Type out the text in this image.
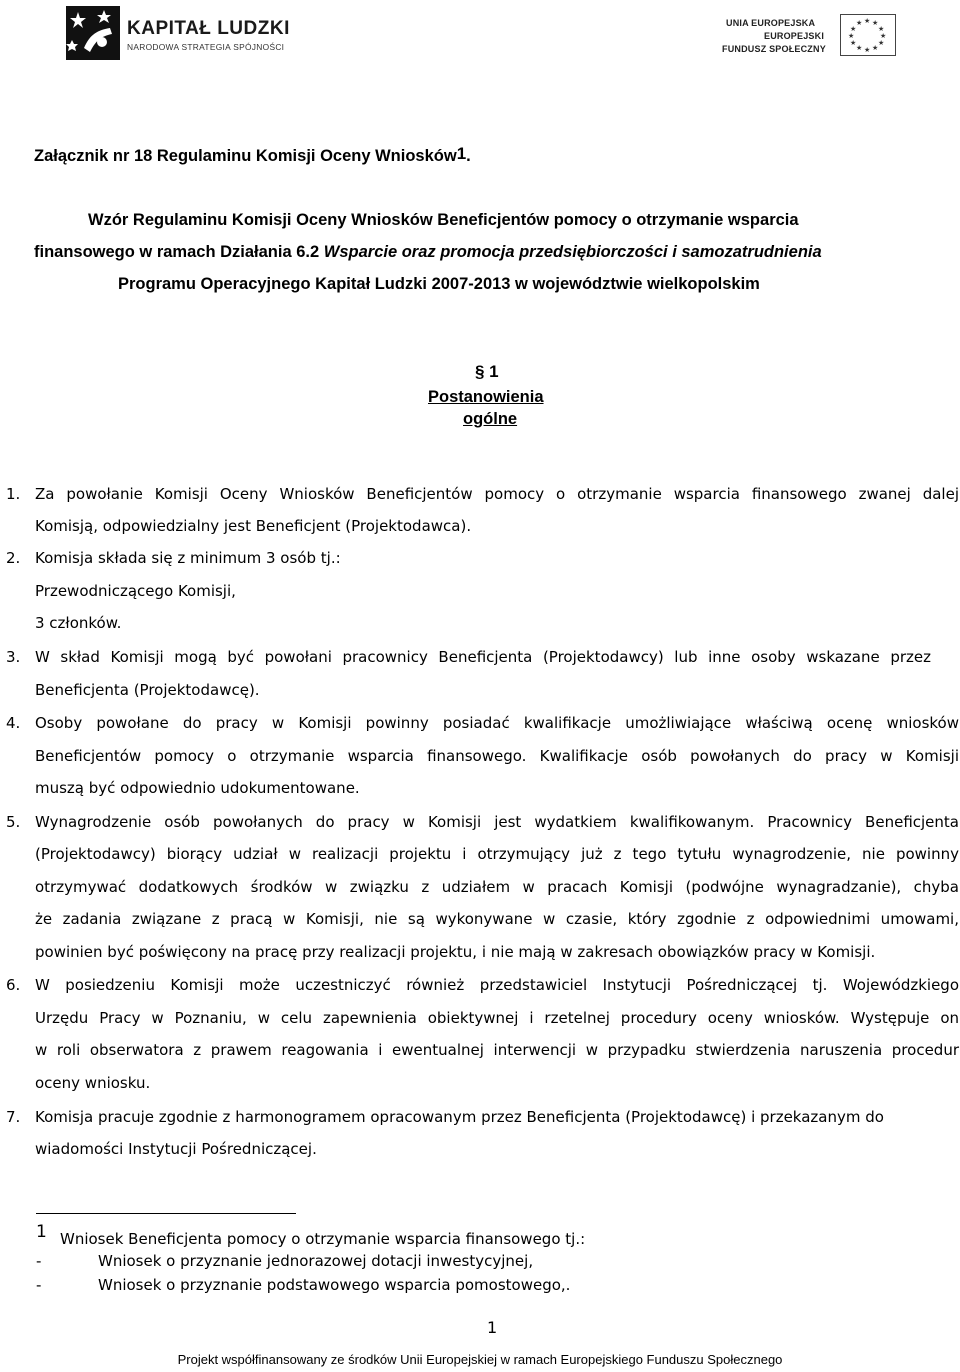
KAPITAŁ LUDZKI
NARODOWA STRATEGIA SPÓJNOŚCI
UNIA EUROPEJSKA
EUROPEJSKI
FUNDUSZ SPOŁECZNY
★ ★
★
★
★
★
★
★
★
★
★
★
Załącznik nr 18 Regulaminu Komisji Oceny Wniosków$^1$.
Wzór Regulaminu Komisji Oceny Wniosków Beneficjentów pomocy o otrzymanie wsparcia
finansowego w ramach Działania 6.2 Wsparcie oraz promocja przedsiębiorczości i samozatrudnienia
Programu Operacyjnego Kapitał Ludzki 2007-2013 w województwie wielkopolskim
§ 1
Postanowienia
ogólne
1. Za powołanie Komisji Oceny Wniosków Beneficjentów pomocy o otrzymanie wsparcia finansowego zwanej dalej
Komisją, odpowiedzialny jest Beneficjent (Projektodawca).
2. Komisja składa się z minimum 3 osób tj.:
Przewodniczącego Komisji,
3 członków.
3. W skład Komisji mogą być powołani pracownicy Beneficjenta (Projektodawcy) lub inne osoby wskazane przez
Beneficjenta (Projektodawcę).
4. Osoby powołane do pracy w Komisji powinny posiadać kwalifikacje umożliwiające właściwą ocenę wniosków
Beneficjentów pomocy o otrzymanie wsparcia finansowego. Kwalifikacje osób powołanych do pracy w Komisji
muszą być odpowiednio udokumentowane.
5. Wynagrodzenie osób powołanych do pracy w Komisji jest wydatkiem kwalifikowanym. Pracownicy Beneficjenta
(Projektodawcy) biorący udział w realizacji projektu i otrzymujący już z tego tytułu wynagrodzenie, nie powinny
otrzymywać dodatkowych środków w związku z udziałem w pracach Komisji (podwójne wynagradzanie), chyba
że zadania związane z pracą w Komisji, nie są wykonywane w czasie, który zgodnie z odpowiednimi umowami,
powinien być poświęcony na pracę przy realizacji projektu, i nie mają w zakresach obowiązków pracy w Komisji.
6. W posiedzeniu Komisji może uczestniczyć również przedstawiciel Instytucji Pośredniczącej tj. Wojewódzkiego
Urzędu Pracy w Poznaniu, w celu zapewnienia obiektywnej i rzetelnej procedury oceny wniosków. Występuje on
w roli obserwatora z prawem reagowania i ewentualnej interwencji w przypadku stwierdzenia naruszenia procedur
oceny wniosku.
7. Komisja pracuje zgodnie z harmonogramem opracowanym przez Beneficjenta (Projektodawcę) i przekazanym do
wiadomości Instytucji Pośredniczącej.
1 Wniosek Beneficjenta pomocy o otrzymanie wsparcia finansowego tj.:
-	Wniosek o przyznanie jednorazowej dotacji inwestycyjnej,
-	Wniosek o przyznanie podstawowego wsparcia pomostowego,.
1
Projekt współfinansowany ze środków Unii Europejskiej w ramach Europejskiego Funduszu Społecznego
